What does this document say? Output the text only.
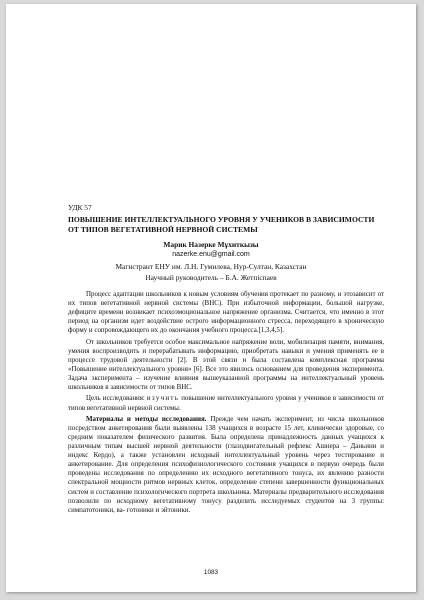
УДК 57
ПОВЫШЕНИЕ ИНТЕЛЛЕКТУАЛЬНОГО УРОВНЯ У УЧЕНИКОВ В ЗАВИСИМОСТИ ОТ ТИПОВ ВЕГЕТАТИВНОЙ НЕРВНОЙ СИСТЕМЫ
Марик Назерке Мұхиткызы
nazerke.enu@gmail.com
Магистрант ЕНУ им. Л.Н. Гумилева, Нур-Султан, Казахстан
Научный руководитель – Б.А. Жетпiспаев

Процесс адаптации школьников к новым условиям обучения протекает по разному, и этозависит от их типов вегетативной нервной системы (ВНС). При избыточной информации, большой нагрузке, дефиците времени возникает психоэмоциональное напряжение организма. Считается, что именно в этот период на организм идет воздействие острого информационного стресса, переходящего в хроническую форму и сопровождающего их до окончания учебного процесса.[1,3,4,5].

От школьников требуется особое максимальное напряжение воли, мобилизация памяти, внимания, умения воспроизводить и перерабатывать информацию, приобретать навыки и умения применять ее в процессе трудовой деятельности [2]. В этой связи и была составлена комплексная программа «Повышение интеллектуального уровня» [6]. Все это явилось основанием для проведения эксперимента. Задача эксперимента – изучение влияния вышеуказанной программы на интеллектуальный уровень школьников в зависимости от типов ВНС.

Цель исследования: изучить повышение интеллектуального уровня у учеников в зависимости от типов вегетативной нервной системы.

Материалы и методы исследования. Прежде чем начать эксперимент, из числа школьников посредством анкетирования были выявлены 138 учащихся в возрасте 15 лет, клинически здоровые, со средним показателем физического развития. Была определена принадлежность данных учащихся к различным типам высшей нервной деятельности (глазодвигательный рефлекс Ашнера – Даньини и индекс Кердо), а также установлен исходный интеллектуальный уровень через тестирование и анкетирование. Для определения психофизиологического состояния учащихся в первую очередь были проведены исследования по определению их исходного вегетативного тонуса, их явлению разности спектральной мощности ритмов нервных клеток, определение степени завершенности функциональных систем и составление психологического портрета школьника. Материалы предварительного исследования позволили по исходному вегетативному тонусу разделить исследуемых студентов на 3 группы: симпатотоники, ва- готоники и эйтоники.

1083
